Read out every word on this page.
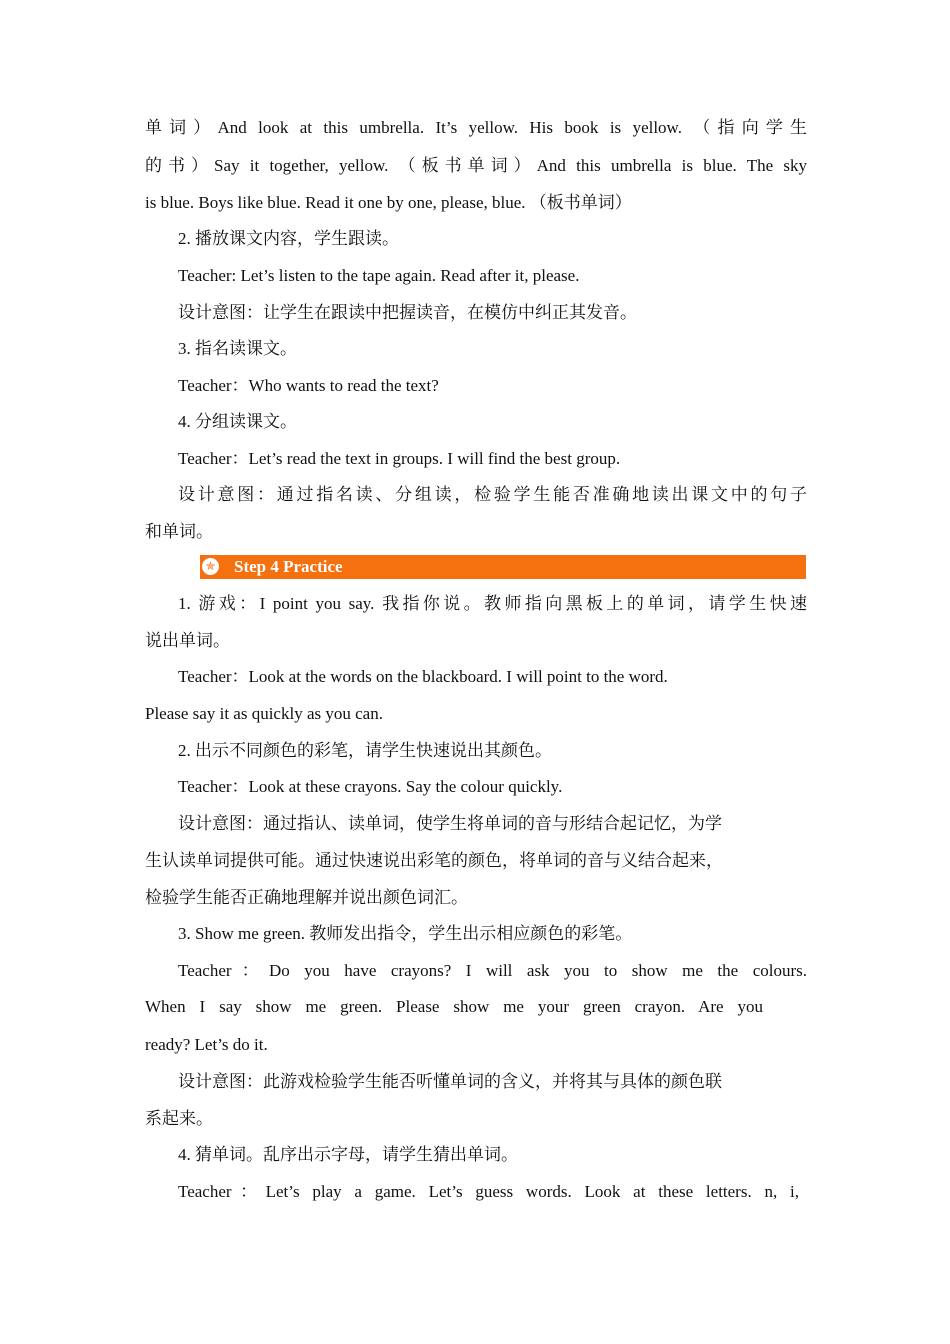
单词）And look at this umbrella. It’s yellow. His book is yellow. （指向学生
的书）Say it together, yellow. （板书单词）And this umbrella is blue. The sky
is blue. Boys like blue. Read it one by one, please, blue. （板书单词）
2. 播放课文内容，学生跟读。
Teacher: Let’s listen to the tape again. Read after it, please.
设计意图：让学生在跟读中把握读音，在模仿中纠正其发音。
3. 指名读课文。
Teacher：Who wants to read the text?
4. 分组读课文。
Teacher：Let’s read the text in groups. I will find the best group.
设计意图：通过指名读、分组读，检验学生能否准确地读出课文中的句子
和单词。
✯ Step 4 Practice
1. 游戏：I point you say. 我指你说。教师指向黑板上的单词，请学生快速
说出单词。
Teacher：Look at the words on the blackboard. I will point to the word.
Please say it as quickly as you can.
2. 出示不同颜色的彩笔，请学生快速说出其颜色。
Teacher：Look at these crayons. Say the colour quickly.
设计意图：通过指认、读单词，使学生将单词的音与形结合起记忆，为学
生认读单词提供可能。通过快速说出彩笔的颜色，将单词的音与义结合起来，
检验学生能否正确地理解并说出颜色词汇。
3. Show me green. 教师发出指令，学生出示相应颜色的彩笔。
Teacher：Do you have crayons? I will ask you to show me the colours.
When I say show me green. Please show me your green crayon. Are you
ready? Let’s do it.
设计意图：此游戏检验学生能否听懂单词的含义，并将其与具体的颜色联
系起来。
4. 猜单词。乱序出示字母，请学生猜出单词。
Teacher：Let’s play a game. Let’s guess words. Look at these letters. n, i,
